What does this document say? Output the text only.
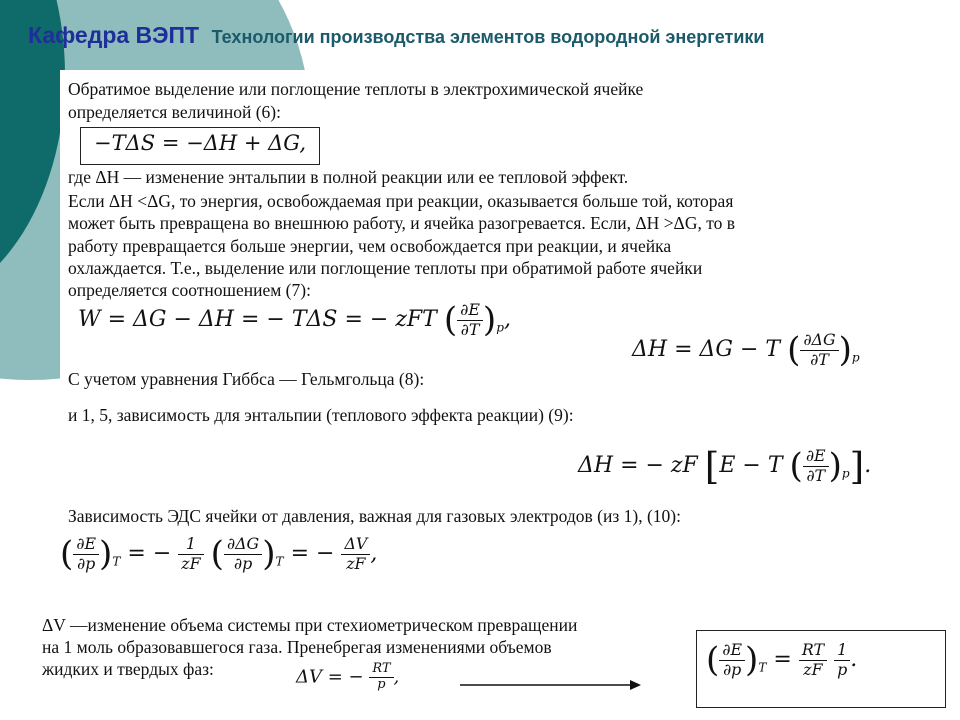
Кафедра ВЭПТ Технологии производства элементов водородной энергетики
Обратимое выделение или поглощение теплоты в электрохимической ячейке
определяется величиной (6):
−TΔS = −ΔH + ΔG,
где ΔH — изменение энтальпии в полной реакции или ее тепловой эффект.
Если ΔH <ΔG, то энергия, освобождаемая при реакции, оказывается больше той, которая
может быть превращена во внешнюю работу, и ячейка разогревается. Если, ΔH >ΔG, то в
работу превращается больше энергии, чем освобождается при реакции, и ячейка
охлаждается. Т.е., выделение или поглощение теплоты при обратимой работе ячейки
определяется соотношением (7):
W = ΔG − ΔH = − TΔS = − zFT ( $\frac{\partial E}{\partial T} )_p$,
ΔH = ΔG − T ( $\frac{\partial\Delta G}{\partial T} )_p$
С учетом уравнения Гиббса — Гельмгольца (8):
и 1, 5, зависимость для энтальпии (теплового эффекта реакции) (9):
ΔH = − zF [E − T ( $\frac{\partial E}{\partial T} )_p$].
Зависимость ЭДС ячейки от давления, важная для газовых электродов (из 1), (10):
( $\frac{\partial E}{\partial p} )_T$ = − $\frac{1}{zF}$ ( $\frac{\partial\Delta G}{\partial p} )_T$ = − $\frac{\Delta V}{zF}$ ,
ΔV —изменение объема системы при стехиометрическом превращении
на 1 моль образовавшегося газа. Пренебрегая изменениями объемов
жидких и твердых фаз:	ΔV = − $\frac{RT}{p}$ ,	( $\frac{\partial E}{\partial p} )_T = \frac{RT}{zF}$
$\frac{1}{p}$ .
